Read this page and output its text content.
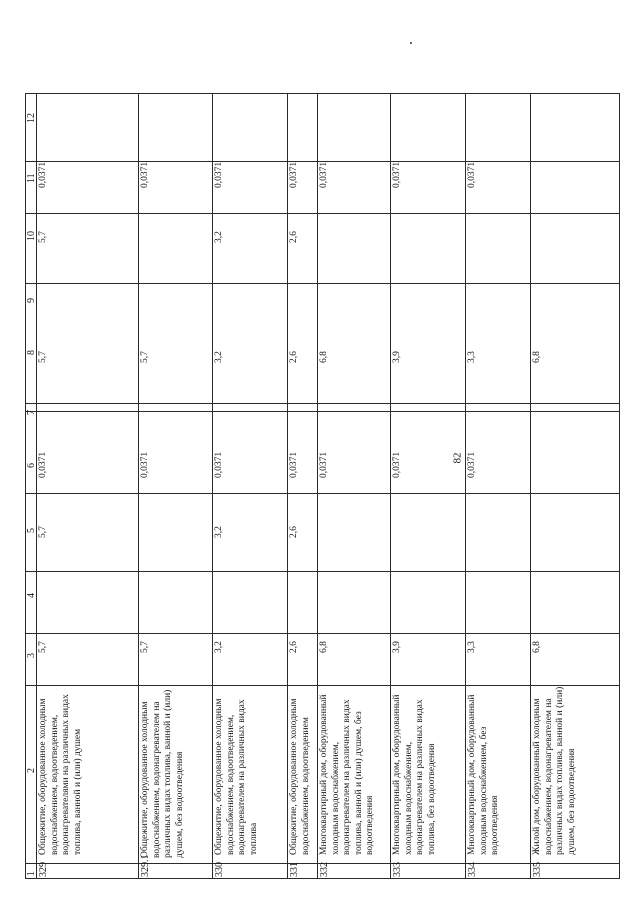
82
1
2
3
4
5
6
7
8
9
10
11
12
329
Общежитие, оборудованное холодным водоснабжением, водоотведением, водонагревателями на различных видах топлива, ванной и (или) душем
5,7
5,7
0,0371
5,7
5,7
0,0371
329.1
Общежитие, оборудованное холодным водоснабжением, водонагревателем на различных видах топлива, ванной и (или) душем, без водоотведения
5,7
0,0371
5,7
0,0371
330
Общежитие, оборудованное холодным водоснабжением, водоотведением, водонагревателем на различных видах топлива
3,2
3,2
0,0371
3,2
3,2
0,0371
331
Общежитие, оборудованное холодным водоснабжением, водоотведением
2,6
2,6
0,0371
2,6
2,6
0,0371
332
Многоквартирный дом, оборудованный холодным водоснабжением, водонагревателем на различных видах топлива, ванной и (или) душем, без водоотведения
6,8
0,0371
6,8
0,0371
333
Многоквартирный дом, оборудованный холодным водоснабжением, водонагревателем на различных видах топлива, без водоотведения
3,9
0,0371
3,9
0,0371
334
Многоквартирный дом, оборудованный холодным водоснабжением, без водоотведения
3,3
0,0371
3,3
0,0371
335
Жилой дом, оборудованный холодным водоснабжением, водонагревателем на различных видах топлива, ванной и (или) душем, без водоотведения
6,8
6,8
